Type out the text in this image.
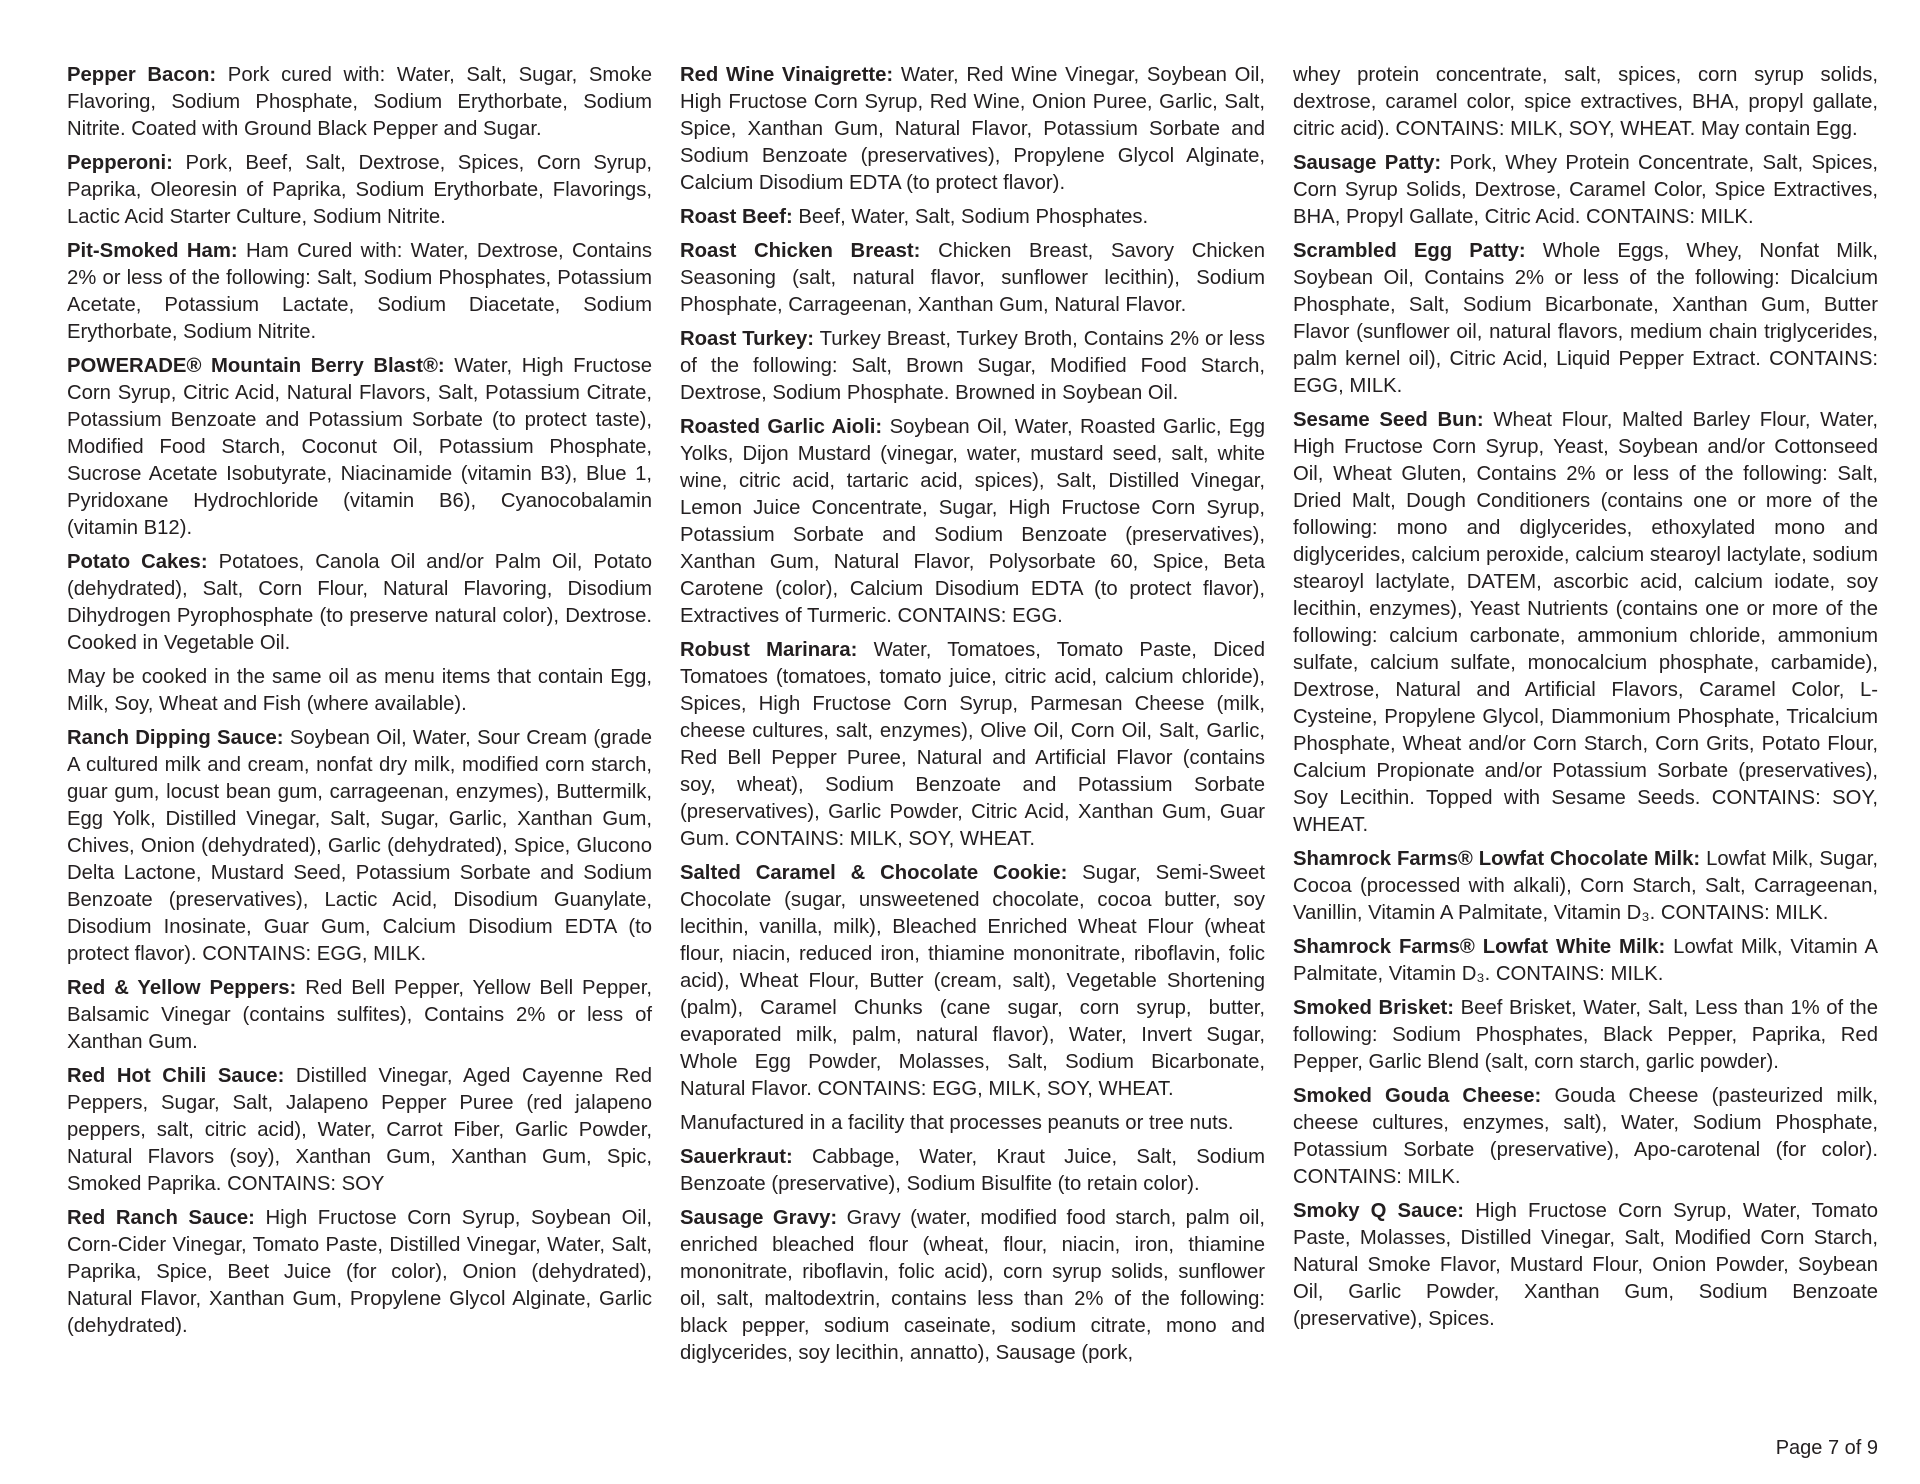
Pepper Bacon: Pork cured with: Water, Salt, Sugar, Smoke Flavoring, Sodium Phosphate, Sodium Erythorbate, Sodium Nitrite. Coated with Ground Black Pepper and Sugar.

Pepperoni: Pork, Beef, Salt, Dextrose, Spices, Corn Syrup, Paprika, Oleoresin of Paprika, Sodium Erythorbate, Flavorings, Lactic Acid Starter Culture, Sodium Nitrite.

Pit-Smoked Ham: Ham Cured with: Water, Dextrose, Contains 2% or less of the following: Salt, Sodium Phosphates, Potassium Acetate, Potassium Lactate, Sodium Diacetate, Sodium Erythorbate, Sodium Nitrite.

POWERADE® Mountain Berry Blast®: Water, High Fructose Corn Syrup, Citric Acid, Natural Flavors, Salt, Potassium Citrate, Potassium Benzoate and Potassium Sorbate (to protect taste), Modified Food Starch, Coconut Oil, Potassium Phosphate, Sucrose Acetate Isobutyrate, Niacinamide (vitamin B3), Blue 1, Pyridoxane Hydrochloride (vitamin B6), Cyanocobalamin (vitamin B12).

Potato Cakes: Potatoes, Canola Oil and/or Palm Oil, Potato (dehydrated), Salt, Corn Flour, Natural Flavoring, Disodium Dihydrogen Pyrophosphate (to preserve natural color), Dextrose. Cooked in Vegetable Oil.

May be cooked in the same oil as menu items that contain Egg, Milk, Soy, Wheat and Fish (where available).

Ranch Dipping Sauce: Soybean Oil, Water, Sour Cream (grade A cultured milk and cream, nonfat dry milk, modified corn starch, guar gum, locust bean gum, carrageenan, enzymes), Buttermilk, Egg Yolk, Distilled Vinegar, Salt, Sugar, Garlic, Xanthan Gum, Chives, Onion (dehydrated), Garlic (dehydrated), Spice, Glucono Delta Lactone, Mustard Seed, Potassium Sorbate and Sodium Benzoate (preservatives), Lactic Acid, Disodium Guanylate, Disodium Inosinate, Guar Gum, Calcium Disodium EDTA (to protect flavor). CONTAINS: EGG, MILK.

Red & Yellow Peppers: Red Bell Pepper, Yellow Bell Pepper, Balsamic Vinegar (contains sulfites), Contains 2% or less of Xanthan Gum.

Red Hot Chili Sauce: Distilled Vinegar, Aged Cayenne Red Peppers, Sugar, Salt, Jalapeno Pepper Puree (red jalapeno peppers, salt, citric acid), Water, Carrot Fiber, Garlic Powder, Natural Flavors (soy), Xanthan Gum, Xanthan Gum, Spic, Smoked Paprika. CONTAINS: SOY

Red Ranch Sauce: High Fructose Corn Syrup, Soybean Oil, Corn-Cider Vinegar, Tomato Paste, Distilled Vinegar, Water, Salt, Paprika, Spice, Beet Juice (for color), Onion (dehydrated), Natural Flavor, Xanthan Gum, Propylene Glycol Alginate, Garlic (dehydrated).

Red Wine Vinaigrette: Water, Red Wine Vinegar, Soybean Oil, High Fructose Corn Syrup, Red Wine, Onion Puree, Garlic, Salt, Spice, Xanthan Gum, Natural Flavor, Potassium Sorbate and Sodium Benzoate (preservatives), Propylene Glycol Alginate, Calcium Disodium EDTA (to protect flavor).

Roast Beef: Beef, Water, Salt, Sodium Phosphates.

Roast Chicken Breast: Chicken Breast, Savory Chicken Seasoning (salt, natural flavor, sunflower lecithin), Sodium Phosphate, Carrageenan, Xanthan Gum, Natural Flavor.

Roast Turkey: Turkey Breast, Turkey Broth, Contains 2% or less of the following: Salt, Brown Sugar, Modified Food Starch, Dextrose, Sodium Phosphate. Browned in Soybean Oil.

Roasted Garlic Aioli: Soybean Oil, Water, Roasted Garlic, Egg Yolks, Dijon Mustard (vinegar, water, mustard seed, salt, white wine, citric acid, tartaric acid, spices), Salt, Distilled Vinegar, Lemon Juice Concentrate, Sugar, High Fructose Corn Syrup, Potassium Sorbate and Sodium Benzoate (preservatives), Xanthan Gum, Natural Flavor, Polysorbate 60, Spice, Beta Carotene (color), Calcium Disodium EDTA (to protect flavor), Extractives of Turmeric. CONTAINS: EGG.

Robust Marinara: Water, Tomatoes, Tomato Paste, Diced Tomatoes (tomatoes, tomato juice, citric acid, calcium chloride), Spices, High Fructose Corn Syrup, Parmesan Cheese (milk, cheese cultures, salt, enzymes), Olive Oil, Corn Oil, Salt, Garlic, Red Bell Pepper Puree, Natural and Artificial Flavor (contains soy, wheat), Sodium Benzoate and Potassium Sorbate (preservatives), Garlic Powder, Citric Acid, Xanthan Gum, Guar Gum. CONTAINS: MILK, SOY, WHEAT.

Salted Caramel & Chocolate Cookie: Sugar, Semi-Sweet Chocolate (sugar, unsweetened chocolate, cocoa butter, soy lecithin, vanilla, milk), Bleached Enriched Wheat Flour (wheat flour, niacin, reduced iron, thiamine mononitrate, riboflavin, folic acid), Wheat Flour, Butter (cream, salt), Vegetable Shortening (palm), Caramel Chunks (cane sugar, corn syrup, butter, evaporated milk, palm, natural flavor), Water, Invert Sugar, Whole Egg Powder, Molasses, Salt, Sodium Bicarbonate, Natural Flavor. CONTAINS: EGG, MILK, SOY, WHEAT.

Manufactured in a facility that processes peanuts or tree nuts.

Sauerkraut: Cabbage, Water, Kraut Juice, Salt, Sodium Benzoate (preservative), Sodium Bisulfite (to retain color).

Sausage Gravy: Gravy (water, modified food starch, palm oil, enriched bleached flour (wheat, flour, niacin, iron, thiamine mononitrate, riboflavin, folic acid), corn syrup solids, sunflower oil, salt, maltodextrin, contains less than 2% of the following: black pepper, sodium caseinate, sodium citrate, mono and diglycerides, soy lecithin, annatto), Sausage (pork,

whey protein concentrate, salt, spices, corn syrup solids, dextrose, caramel color, spice extractives, BHA, propyl gallate, citric acid). CONTAINS: MILK, SOY, WHEAT. May contain Egg.

Sausage Patty: Pork, Whey Protein Concentrate, Salt, Spices, Corn Syrup Solids, Dextrose, Caramel Color, Spice Extractives, BHA, Propyl Gallate, Citric Acid. CONTAINS: MILK.

Scrambled Egg Patty: Whole Eggs, Whey, Nonfat Milk, Soybean Oil, Contains 2% or less of the following: Dicalcium Phosphate, Salt, Sodium Bicarbonate, Xanthan Gum, Butter Flavor (sunflower oil, natural flavors, medium chain triglycerides, palm kernel oil), Citric Acid, Liquid Pepper Extract. CONTAINS: EGG, MILK.

Sesame Seed Bun: Wheat Flour, Malted Barley Flour, Water, High Fructose Corn Syrup, Yeast, Soybean and/or Cottonseed Oil, Wheat Gluten, Contains 2% or less of the following: Salt, Dried Malt, Dough Conditioners (contains one or more of the following: mono and diglycerides, ethoxylated mono and diglycerides, calcium peroxide, calcium stearoyl lactylate, sodium stearoyl lactylate, DATEM, ascorbic acid, calcium iodate, soy lecithin, enzymes), Yeast Nutrients (contains one or more of the following: calcium carbonate, ammonium chloride, ammonium sulfate, calcium sulfate, monocalcium phosphate, carbamide), Dextrose, Natural and Artificial Flavors, Caramel Color, L-Cysteine, Propylene Glycol, Diammonium Phosphate, Tricalcium Phosphate, Wheat and/or Corn Starch, Corn Grits, Potato Flour, Calcium Propionate and/or Potassium Sorbate (preservatives), Soy Lecithin. Topped with Sesame Seeds. CONTAINS: SOY, WHEAT.

Shamrock Farms® Lowfat Chocolate Milk: Lowfat Milk, Sugar, Cocoa (processed with alkali), Corn Starch, Salt, Carrageenan, Vanillin, Vitamin A Palmitate, Vitamin D₃. CONTAINS: MILK.

Shamrock Farms® Lowfat White Milk: Lowfat Milk, Vitamin A Palmitate, Vitamin D₃. CONTAINS: MILK.

Smoked Brisket: Beef Brisket, Water, Salt, Less than 1% of the following: Sodium Phosphates, Black Pepper, Paprika, Red Pepper, Garlic Blend (salt, corn starch, garlic powder).

Smoked Gouda Cheese: Gouda Cheese (pasteurized milk, cheese cultures, enzymes, salt), Water, Sodium Phosphate, Potassium Sorbate (preservative), Apo-carotenal (for color). CONTAINS: MILK.

Smoky Q Sauce: High Fructose Corn Syrup, Water, Tomato Paste, Molasses, Distilled Vinegar, Salt, Modified Corn Starch, Natural Smoke Flavor, Mustard Flour, Onion Powder, Soybean Oil, Garlic Powder, Xanthan Gum, Sodium Benzoate (preservative), Spices.

Page 7 of 9
